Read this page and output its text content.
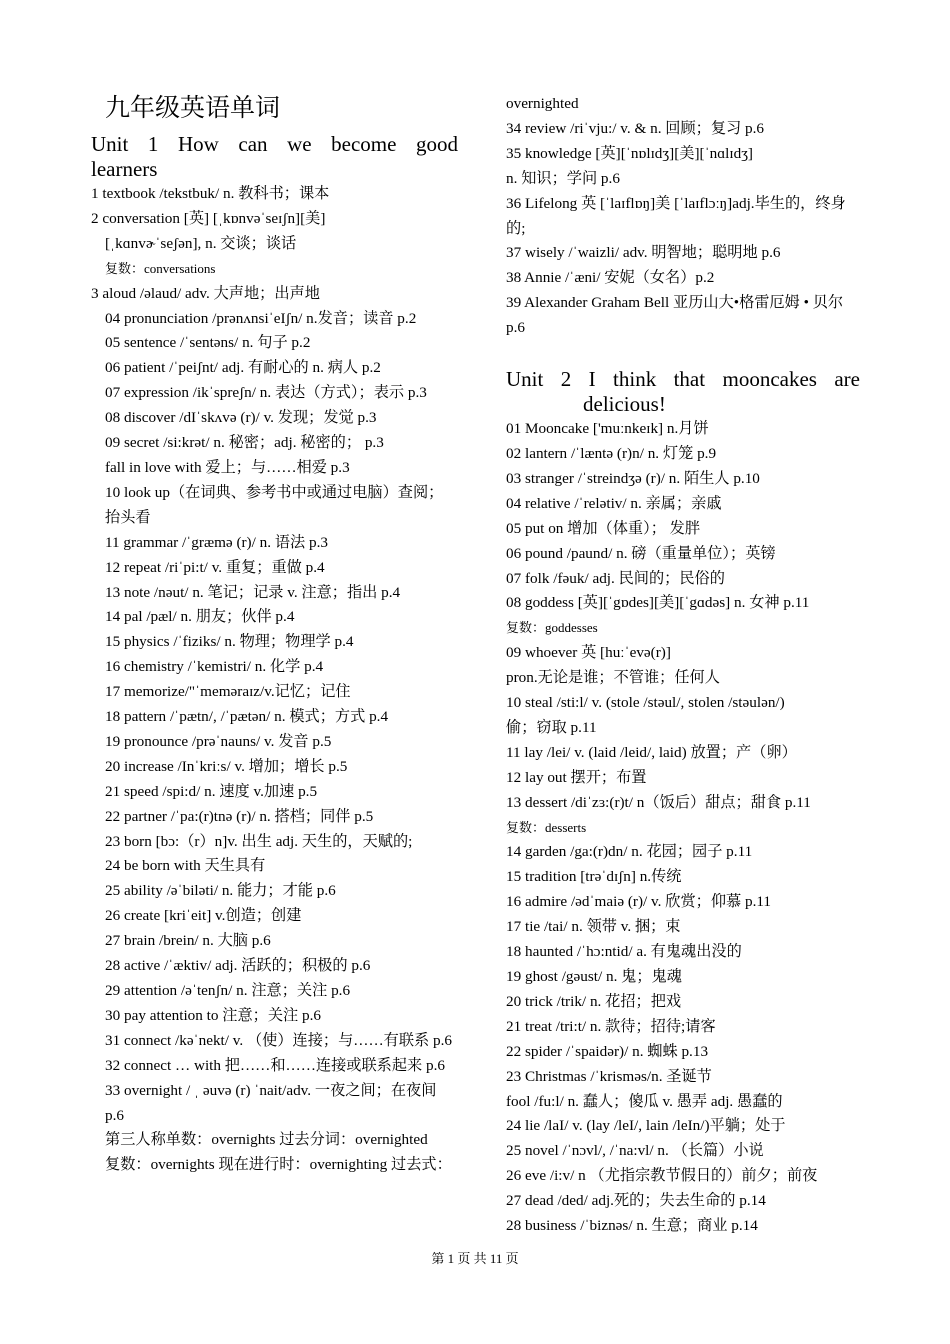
九年级英语单词
Unit 1 How can we become good
learners
1 textbook /tekstbuk/ n. 教科书；课本
2 conversation [英] [ˌkɒnvəˈseɪʃn][美]
[ˌkɑnvɚˈseʃən], n. 交谈；谈话
复数：conversations
3 aloud /əlaud/ adv. 大声地；出声地
04 pronunciation /prənʌnsiˈeIʃn/ n.发音；读音 p.2
05 sentence /ˈsentəns/ n. 句子 p.2
06 patient /ˈpeiʃnt/ adj. 有耐心的 n. 病人 p.2
07 expression /ikˈspreʃn/ n. 表达（方式）；表示 p.3
08 discover /dIˈskʌvə (r)/ v. 发现；发觉 p.3
09 secret /si:krət/ n. 秘密；adj. 秘密的； p.3
fall in love with 爱上；与……相爱 p.3
10 look up（在词典、参考书中或通过电脑）查阅；抬头看
11 grammar /ˈgræmə (r)/ n. 语法 p.3
12 repeat /riˈpi:t/ v. 重复；重做 p.4
13 note /nəut/ n. 笔记；记录 v. 注意；指出 p.4
14 pal /pæl/ n. 朋友；伙伴 p.4
15 physics /ˈfiziks/ n. 物理；物理学 p.4
16 chemistry /ˈkemistri/ n. 化学 p.4
17 memorize/"ˈmeməraɪz/v.记忆；记住
18 pattern /ˈpætn/, /ˈpætən/ n. 模式；方式 p.4
19 pronounce /prəˈnauns/ v. 发音 p.5
20 increase /Inˈkriːs/ v. 增加；增长 p.5
21 speed /spi:d/ n. 速度 v.加速 p.5
22 partner /ˈpa:(r)tnə (r)/ n. 搭档；同伴 p.5
23 born [bɔ:（r）n]v. 出生 adj. 天生的，天赋的;
24 be born with 天生具有
25 ability /əˈbiləti/ n. 能力；才能 p.6
26 create [kriˈeit] v.创造；创建
27 brain /brein/ n. 大脑 p.6
28 active /ˈæktiv/ adj. 活跃的；积极的 p.6
29 attention /əˈtenʃn/ n. 注意；关注 p.6
30 pay attention to 注意；关注 p.6
31 connect /kəˈnekt/ v. （使）连接；与……有联系 p.6
32 connect … with 把……和……连接或联系起来 p.6
33 overnight / ˌ əuvə (r) ˈnait/adv. 一夜之间；在夜间 p.6
第三人称单数：overnights 过去分词：overnighted
复数：overnights 现在进行时：overnighting 过去式：
overnighted
34 review /riˈvju:/ v. & n. 回顾；复习 p.6
35 knowledge [英][ˈnɒlɪdʒ][美][ˈnɑlɪdʒ]
n. 知识；学问 p.6
36 Lifelong 英 [ˈlaɪflɒŋ]美 [ˈlaɪflɔːŋ]adj.毕生的，终身的;
37 wisely /ˈwaizli/ adv. 明智地；聪明地 p.6
38 Annie /ˈæni/ 安妮（女名）p.2
39 Alexander Graham Bell 亚历山大•格雷厄姆 • 贝尔 p.6
Unit 2 I think that mooncakes are
delicious!
01 Mooncake ['muːnkeɪk] n.月饼
02 lantern /ˈlæntə (r)n/ n. 灯笼 p.9
03 stranger /ˈstreindʒə (r)/ n. 陌生人 p.10
04 relative /ˈrelətiv/ n. 亲属；亲戚
05 put on 增加（体重）； 发胖
06 pound /paund/ n. 磅（重量单位）；英镑
07 folk /fəuk/ adj. 民间的；民俗的
08 goddess [英][ˈgɒdes][美][ˈgɑdəs] n. 女神 p.11
复数：goddesses
09 whoever 英 [huːˈevə(r)]
pron.无论是谁；不管谁；任何人
10 steal /sti:l/ v. (stole /stəul/, stolen /stəulən/)
偷；窃取 p.11
11 lay /lei/ v. (laid /leid/, laid) 放置；产（卵）
12 lay out 摆开；布置
13 dessert /diˈzɜ:(r)t/ n（饭后）甜点；甜食 p.11
复数：desserts
14 garden /ga:(r)dn/ n. 花园；园子 p.11
15 tradition [trəˈdɪʃn] n.传统
16 admire /ədˈmaiə (r)/ v. 欣赏；仰慕 p.11
17 tie /tai/ n. 领带 v. 捆；束
18 haunted /ˈhɔ:ntid/ a. 有鬼魂出没的
19 ghost /gəust/ n. 鬼；鬼魂
20 trick /trik/ n. 花招；把戏
21 treat /tri:t/ n. 款待；招待;请客
22 spider /ˈspaidər)/ n. 蜘蛛 p.13
23 Christmas /ˈkrisməs/n. 圣诞节
fool /fu:l/ n. 蠢人；傻瓜 v. 愚弄 adj. 愚蠢的
24 lie /laI/ v. (lay /leI/, lain /leIn/)平躺；处于
25 novel /ˈnɔvl/, /ˈna:vl/ n. （长篇）小说
26 eve /i:v/ n （尤指宗教节假日的）前夕；前夜
27 dead /ded/ adj.死的；失去生命的 p.14
28 business /ˈbiznəs/ n. 生意；商业 p.14
第 1 页 共 11 页
